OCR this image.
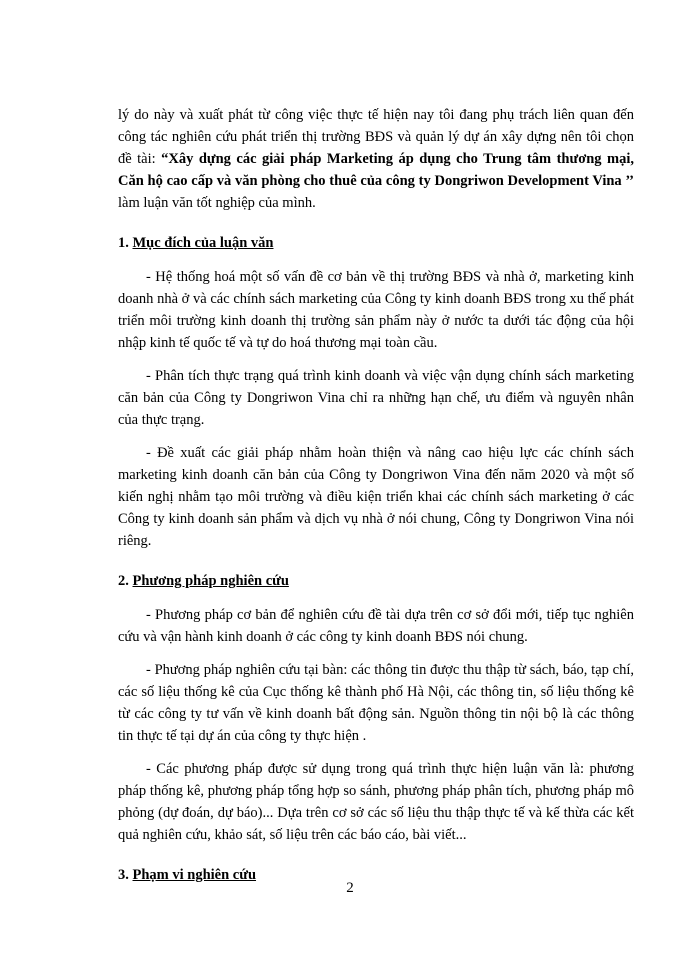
lý do này và xuất phát từ công việc thực tế hiện nay tôi đang phụ trách liên quan đến công tác nghiên cứu phát triển thị trường BĐS và quản lý dự án xây dựng nên tôi chọn đề tài: “Xây dựng các giải pháp Marketing áp dụng cho Trung tâm thương mại, Căn hộ cao cấp và văn phòng cho thuê của công ty Dongriwon Development Vina ’’ làm luận văn tốt nghiệp của mình.

1. Mục đích của luận văn

- Hệ thống hoá một số vấn đề cơ bản về thị trường BĐS và nhà ở, marketing kinh doanh nhà ở và các chính sách marketing của Công ty kinh doanh BĐS trong xu thế phát triển môi trường kinh doanh thị trường sản phẩm này ở nước ta dưới tác động của hội nhập kinh tế quốc tế và tự do hoá thương mại toàn cầu.

- Phân tích thực trạng quá trình kinh doanh và việc vận dụng chính sách marketing căn bản của Công ty Dongriwon Vina chỉ ra những hạn chế, ưu điểm và nguyên nhân của thực trạng.

- Đề xuất các giải pháp nhằm hoàn thiện và nâng cao hiệu lực các chính sách marketing kinh doanh căn bản của Công ty Dongriwon Vina đến năm 2020 và một số kiến nghị nhằm tạo môi trường và điều kiện triển khai các chính sách marketing ở các Công ty kinh doanh sản phẩm và dịch vụ nhà ở nói chung, Công ty Dongriwon Vina nói riêng.

2. Phương pháp nghiên cứu

- Phương pháp cơ bản để nghiên cứu đề tài dựa trên cơ sở đổi mới, tiếp tục nghiên cứu và vận hành kinh doanh ở các công ty kinh doanh BĐS nói chung.

- Phương pháp nghiên cứu tại bàn: các thông tin được thu thập từ sách, báo, tạp chí, các số liệu thống kê của Cục thống kê thành phố Hà Nội, các thông tin, số liệu thống kê từ các công ty tư vấn về kinh doanh bất động sản. Nguồn thông tin nội bộ là các thông tin thực tế tại dự án của công ty thực hiện .

- Các phương pháp được sử dụng trong quá trình thực hiện luận văn là: phương pháp thống kê, phương pháp tổng hợp so sánh, phương pháp phân tích, phương pháp mô phỏng (dự đoán, dự báo)... Dựa trên cơ sở các số liệu thu thập thực tế và kế thừa các kết quả nghiên cứu, khảo sát, số liệu trên các báo cáo, bài viết...

3. Phạm vi nghiên cứu
2
